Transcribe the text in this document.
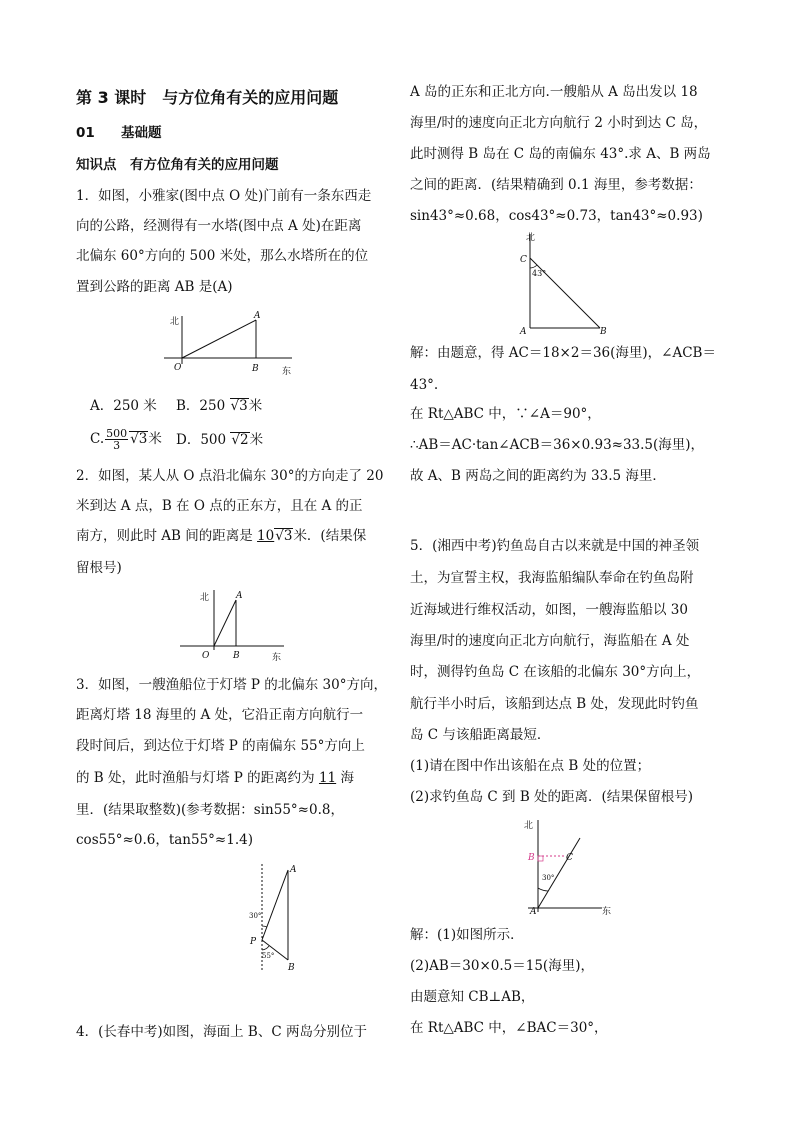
第 3 课时　与方位角有关的应用问题
01 基础题
知识点　有方位角有关的应用问题
1．如图，小雅家(图中点 O 处)门前有一条东西走
向的公路，经测得有一水塔(图中点 A 处)在距离
北偏东 60°方向的 500 米处，那么水塔所在的位
置到公路的距离 AB 是(A)
北
O
A
B	东
A．250 米 B．250 √3米
C. $\frac{500}{3} √3$米 D．500 √2米
2．如图，某人从 O 点沿北偏东 30°的方向走了 20
米到达 A 点，B 在 O 点的正东方，且在 A 的正
南方，则此时 AB 间的距离是 10√3米．(结果保
留根号)
北
O
A
B	东
3．如图，一艘渔船位于灯塔 P 的北偏东 30°方向，
距离灯塔 18 海里的 A 处，它沿正南方向航行一
段时间后，到达位于灯塔 P 的南偏东 55°方向上
的 B 处，此时渔船与灯塔 P 的距离约为 11 海
里．(结果取整数)(参考数据：sin55°≈0.8，
cos55°≈0.6，tan55°≈1.4)
A
P
B
30°
55°
4．(长春中考)如图，海面上 B、C 两岛分别位于
A 岛的正东和正北方向.一艘船从 A 岛出发以 18
海里/时的速度向正北方向航行 2 小时到达 C 岛，
此时测得 B 岛在 C 岛的南偏东 43°.求 A、B 两岛
之间的距离．(结果精确到 0.1 海里，参考数据：
sin43°≈0.68，cos43°≈0.73，tan43°≈0.93)
北
C
43°
A	B
解：由题意，得 AC＝18×2＝36(海里)，∠ACB＝
43°.
在 Rt△ABC 中，∵∠A＝90°，
∴AB＝AC·tan∠ACB＝36×0.93≈33.5(海里)，
故 A、B 两岛之间的距离约为 33.5 海里．
5．(湘西中考)钓鱼岛自古以来就是中国的神圣领
土，为宣誓主权，我海监船编队奉命在钓鱼岛附
近海域进行维权活动，如图，一艘海监船以 30
海里/时的速度向正北方向航行，海监船在 A 处
时，测得钓鱼岛 C 在该船的北偏东 30°方向上，
航行半小时后，该船到达点 B 处，发现此时钓鱼
岛 C 与该船距离最短．
(1)请在图中作出该船在点 B 处的位置；
(2)求钓鱼岛 C 到 B 处的距离．(结果保留根号)
北
B	C
30°
A	东
解：(1)如图所示．
(2)AB＝30×0.5＝15(海里)，
由题意知 CB⊥AB，
在 Rt△ABC 中，∠BAC＝30°，
